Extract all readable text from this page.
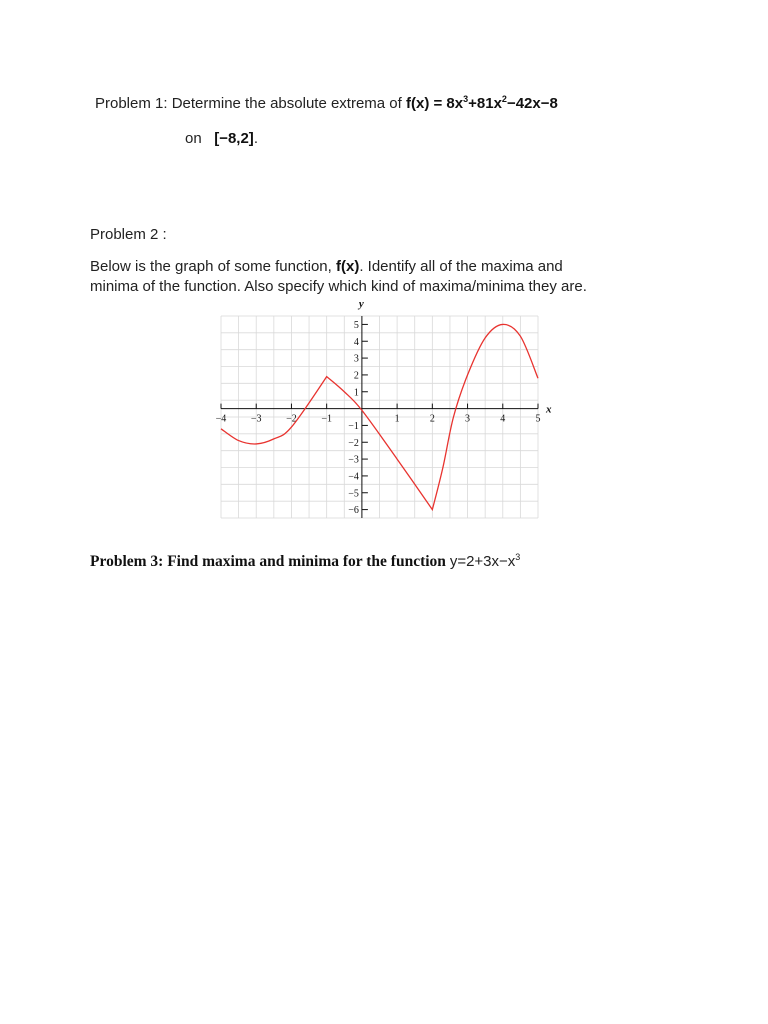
Problem 1: Determine the absolute extrema of $f(x) = 8x^3+81x^2-42x-8$
on [−8,2].
Problem 2 :
Below is the graph of some function, f(x). Identify all of the maxima and
minima of the function. Also specify which kind of maxima/minima they are.
−4 −3 −2 −1	1	2	3	4	5
5
4
3
2
1
−1
−2
−3
−4
−5
−6
x
y
Problem 3: Find maxima and minima for the function $y=2+3x-x^3$
